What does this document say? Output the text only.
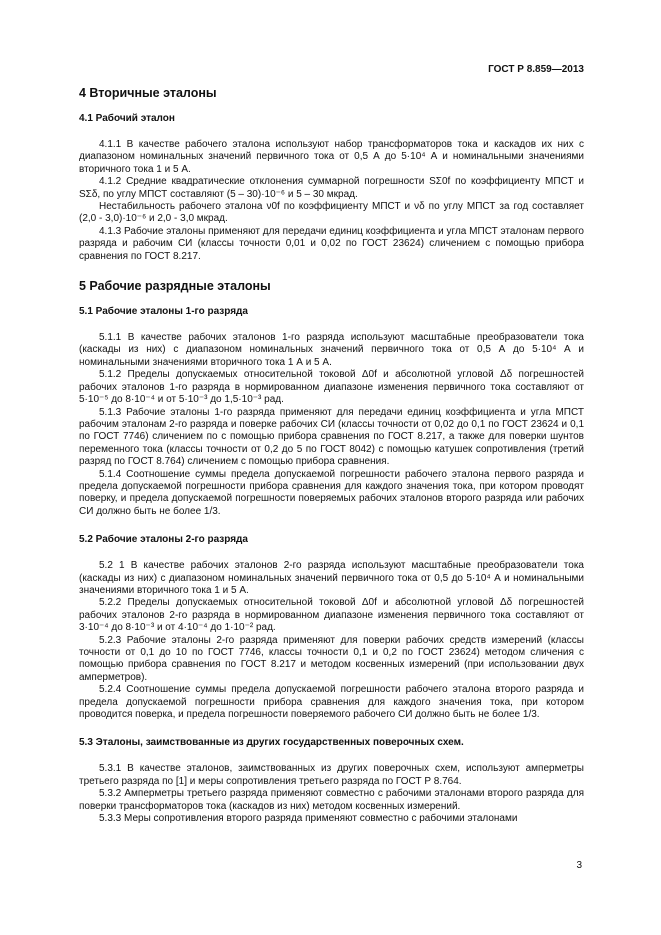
ГОСТ Р 8.859—2013
4 Вторичные эталоны
4.1 Рабочий эталон

4.1.1 В качестве рабочего эталона используют набор трансформаторов тока и каскадов их них с диапазоном номинальных значений первичного тока от 0,5 А до 5·10⁴ А и номинальными значениями вторичного тока 1 и 5 А.

4.1.2 Средние квадратические отклонения суммарной погрешности SΣ0f по коэффициенту МПСТ и SΣδ, по углу МПСТ составляют (5 – 30)·10⁻⁶ и 5 – 30 мкрад.

Нестабильность рабочего эталона ν0f по коэффициенту МПСТ и νδ по углу МПСТ за год составляет (2,0 - 3,0)·10⁻⁶ и 2,0 - 3,0 мкрад.

4.1.3 Рабочие эталоны применяют для передачи единиц коэффициента и угла МПСТ эталонам первого разряда и рабочим СИ (классы точности 0,01 и 0,02 по ГОСТ 23624) сличением с помощью прибора сравнения по ГОСТ 8.217.

5 Рабочие разрядные эталоны
5.1 Рабочие эталоны 1-го разряда

5.1.1 В качестве рабочих эталонов 1-го разряда используют масштабные преобразователи тока (каскады из них) с диапазоном номинальных значений первичного тока от 0,5 А до 5·10⁴ А и номинальными значениями вторичного тока 1 А и 5 А.

5.1.2 Пределы допускаемых относительной токовой Δ0f и абсолютной угловой Δδ погрешностей рабочих эталонов 1-го разряда в нормированном диапазоне изменения первичного тока составляют от 5·10⁻⁵ до 8·10⁻⁴ и от 5·10⁻³ до 1,5·10⁻³ рад.

5.1.3 Рабочие эталоны 1-го разряда применяют для передачи единиц коэффициента и угла МПСТ рабочим эталонам 2-го разряда и поверке рабочих СИ (классы точности от 0,02 до 0,1 по ГОСТ 23624 и 0,1 по ГОСТ 7746) сличением по с помощью прибора сравнения по ГОСТ 8.217, а также для поверки шунтов переменного тока (классы точности от 0,2 до 5 по ГОСТ 8042) с помощью катушек сопротивления (третий разряд по ГОСТ 8.764) сличением с помощью прибора сравнения.

5.1.4 Соотношение суммы предела допускаемой погрешности рабочего эталона первого разряда и предела допускаемой погрешности прибора сравнения для каждого значения тока, при котором проводят поверку, и предела допускаемой погрешности поверяемых рабочих эталонов второго разряда или рабочих СИ должно быть не более 1/3.

5.2 Рабочие эталоны 2-го разряда

5.2 1 В качестве рабочих эталонов 2-го разряда используют масштабные преобразователи тока (каскады из них) с диапазоном номинальных значений первичного тока от 0,5 до 5·10⁴ А и номинальными значениями вторичного тока 1 и 5 А.

5.2.2 Пределы допускаемых относительной токовой Δ0f и абсолютной угловой Δδ погрешностей рабочих эталонов 2-го разряда в нормированном диапазоне изменения первичного тока составляют от 3·10⁻⁴ до 8·10⁻³ и от 4·10⁻⁴ до 1·10⁻² рад.

5.2.3 Рабочие эталоны 2-го разряда применяют для поверки рабочих средств измерений (классы точности от 0,1 до 10 по ГОСТ 7746, классы точности 0,1 и 0,2 по ГОСТ 23624) методом сличения с помощью прибора сравнения по ГОСТ 8.217 и методом косвенных измерений (при использовании двух амперметров).

5.2.4 Соотношение суммы предела допускаемой погрешности рабочего эталона второго разряда и предела допускаемой погрешности прибора сравнения для каждого значения тока, при котором проводится поверка, и предела погрешности поверяемого рабочего СИ должно быть не более 1/3.

5.3 Эталоны, заимствованные из других государственных поверочных схем.

5.3.1 В качестве эталонов, заимствованных из других поверочных схем, используют амперметры третьего разряда по [1] и меры сопротивления третьего разряда по ГОСТ Р 8.764.

5.3.2 Амперметры третьего разряда применяют совместно с рабочими эталонами второго разряда для поверки трансформаторов тока (каскадов из них) методом косвенных измерений.

5.3.3 Меры сопротивления второго разряда применяют совместно с рабочими эталонами

3
